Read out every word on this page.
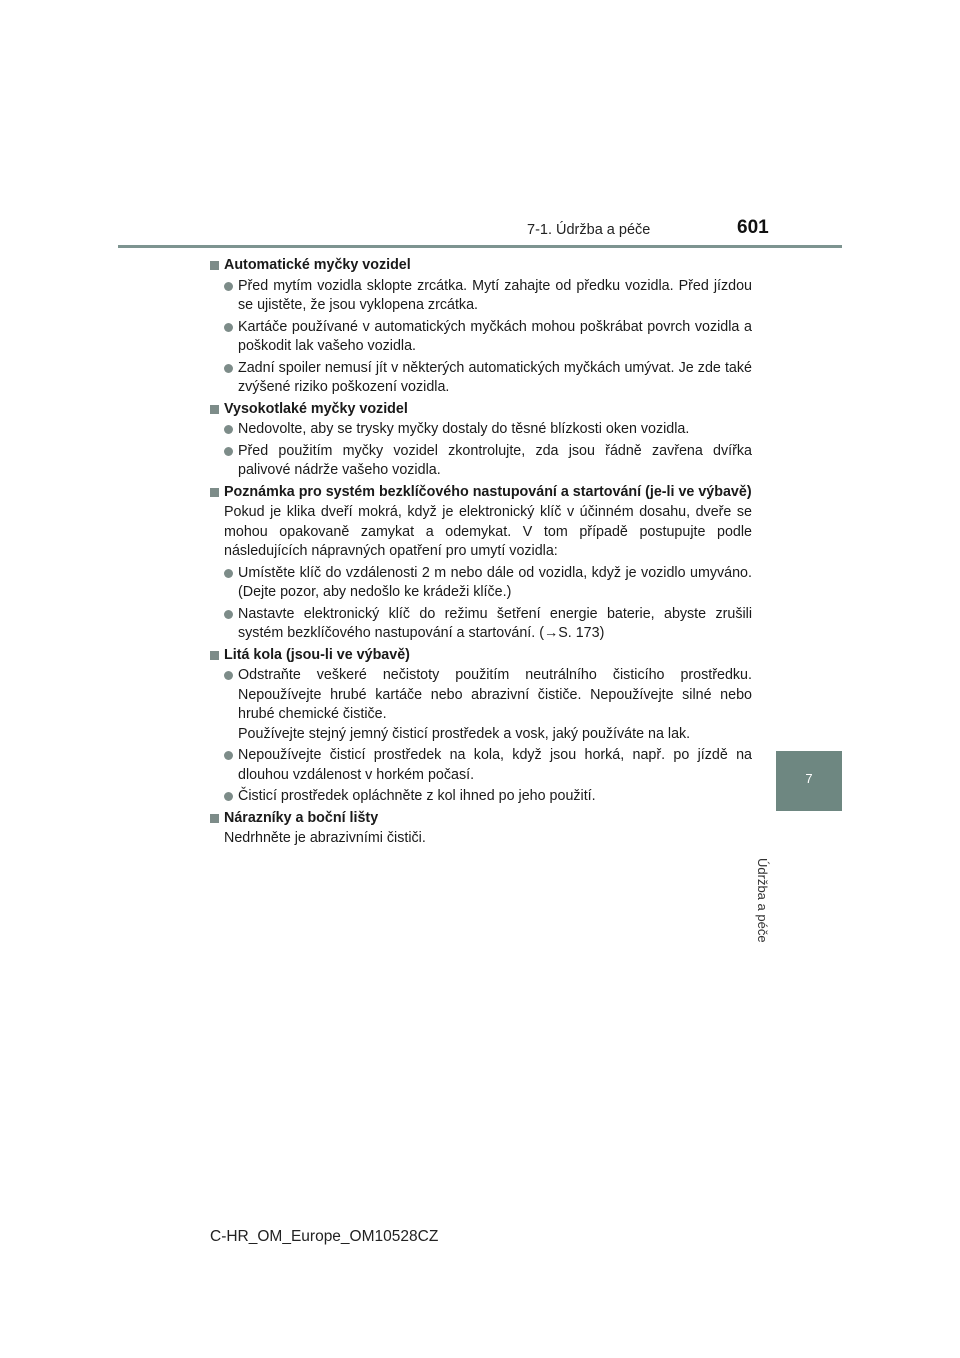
7-1. Údržba a péče	601
7
Údržba a péče
Automatické myčky vozidel
Před mytím vozidla sklopte zrcátka. Mytí zahajte od předku vozidla. Před jízdou se ujistěte, že jsou vyklopena zrcátka.
Kartáče používané v automatických myčkách mohou poškrábat povrch vozidla a poškodit lak vašeho vozidla.
Zadní spoiler nemusí jít v některých automatických myčkách umývat. Je zde také zvýšené riziko poškození vozidla.
Vysokotlaké myčky vozidel
Nedovolte, aby se trysky myčky dostaly do těsné blízkosti oken vozidla.
Před použitím myčky vozidel zkontrolujte, zda jsou řádně zavřena dvířka palivové nádrže vašeho vozidla.
Poznámka pro systém bezklíčového nastupování a startování (je-li ve výbavě)
Pokud je klika dveří mokrá, když je elektronický klíč v účinném dosahu, dveře se mohou opakovaně zamykat a odemykat. V tom případě postupujte podle následujících nápravných opatření pro umytí vozidla:
Umístěte klíč do vzdálenosti 2 m nebo dále od vozidla, když je vozidlo umyváno. (Dejte pozor, aby nedošlo ke krádeži klíče.)
Nastavte elektronický klíč do režimu šetření energie baterie, abyste zrušili systém bezklíčového nastupování a startování. (→S. 173)
Litá kola (jsou-li ve výbavě)
Odstraňte veškeré nečistoty použitím neutrálního čisticího prostředku. Nepoužívejte hrubé kartáče nebo abrazivní čističe. Nepoužívejte silné nebo hrubé chemické čističe.
Používejte stejný jemný čisticí prostředek a vosk, jaký používáte na lak.
Nepoužívejte čisticí prostředek na kola, když jsou horká, např. po jízdě na dlouhou vzdálenost v horkém počasí.
Čisticí prostředek opláchněte z kol ihned po jeho použití.
Nárazníky a boční lišty
Nedrhněte je abrazivními čističi.
C-HR_OM_Europe_OM10528CZ
